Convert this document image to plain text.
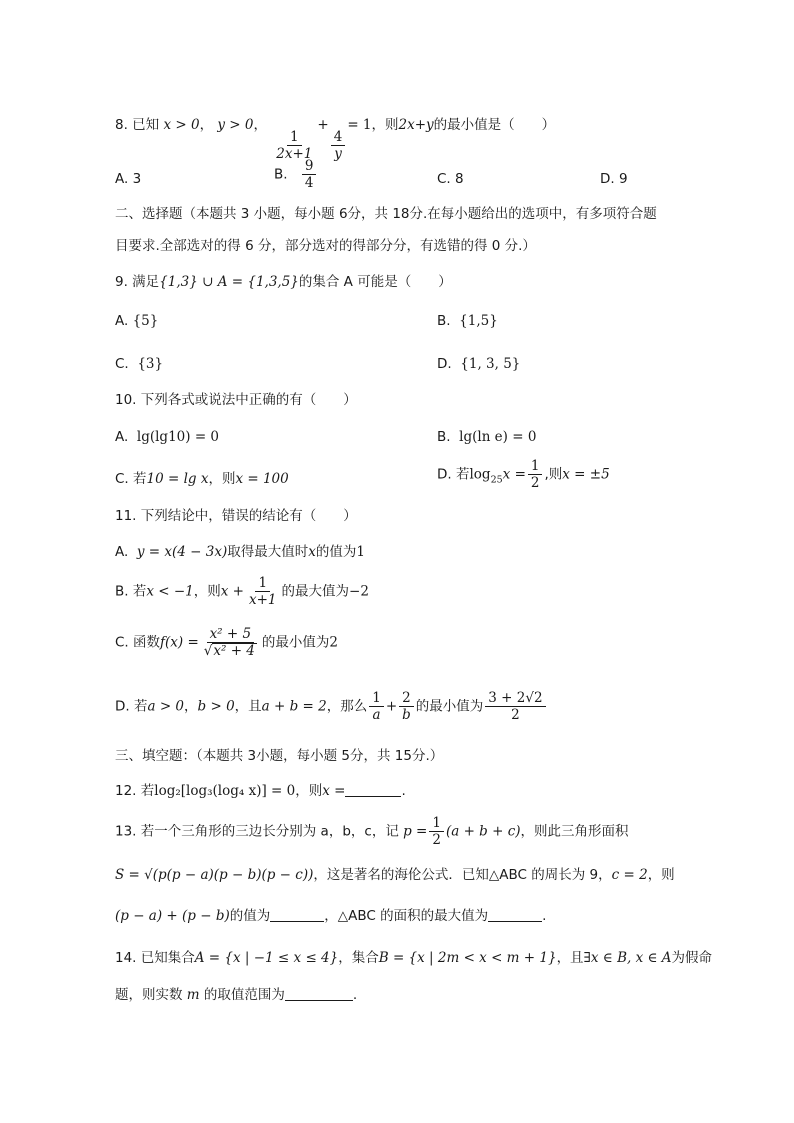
8. 已知 x > 0， y > 0，
$\frac{1}{2x+1}$
+
$\frac{4}{y}$
= 1，则2x+y的最小值是（　　）
A. 3	B. $\frac{9}{4}$	C. 8	D. 9
二、选择题（本题共 3 小题，每小题 6分，共 18分.在每小题给出的选项中，有多项符合题
目要求.全部选对的得 6 分，部分选对的得部分分，有选错的得 0 分.）
9. 满足{1,3} ∪ A = {1,3,5}的集合 A 可能是（　　）
A. {5}	B. {1,5}
C. {3}	D. {1, 3, 5}
10. 下列各式或说法中正确的有（　　）
A. lg(lg10) = 0	B. lg(ln e) = 0
C. 若10 = lg x，则x = 100	D. 若$\log_{25}x = \frac{1}{2}$ ,则x = ±5
11. 下列结论中，错误的结论有（　　）
A. y = x(4 − 3x)取得最大值时x的值为1
B. 若x < −1，则$x + \frac{1}{x+1}$ 的最大值为−2
C. 函数$f(x) = \frac{\text{x² + 5}}{\text{√x² + 4}}$ 的最小值为2
D. 若a > 0，b > 0，且a + b = 2，那么 $\frac{1}{a} + \frac{2}{b}$ 的最小值为 $\frac{3 + 2√2}{2}$
三、填空题：（本题共 3小题，每小题 5分，共 15分.）
12. 若log₂[log₃(log₄ x)] = 0，则x =	.
13. 若一个三角形的三边长分别为 a，b，c，记 $p = \frac{1}{2} (a + b + c)$，则此三角形面积
S = √(p(p − a)(p − b)(p − c))，这是著名的海伦公式．已知△ABC 的周长为 9，c = 2，则
(p − a) + (p − b)的值为	，△ABC 的面积的最大值为	.
14. 已知集合A = {x | −1 ≤ x ≤ 4}，集合B = {x | 2m < x < m + 1}，且∃x ∈ B, x ∈ A为假命
题，则实数 m 的取值范围为	.
